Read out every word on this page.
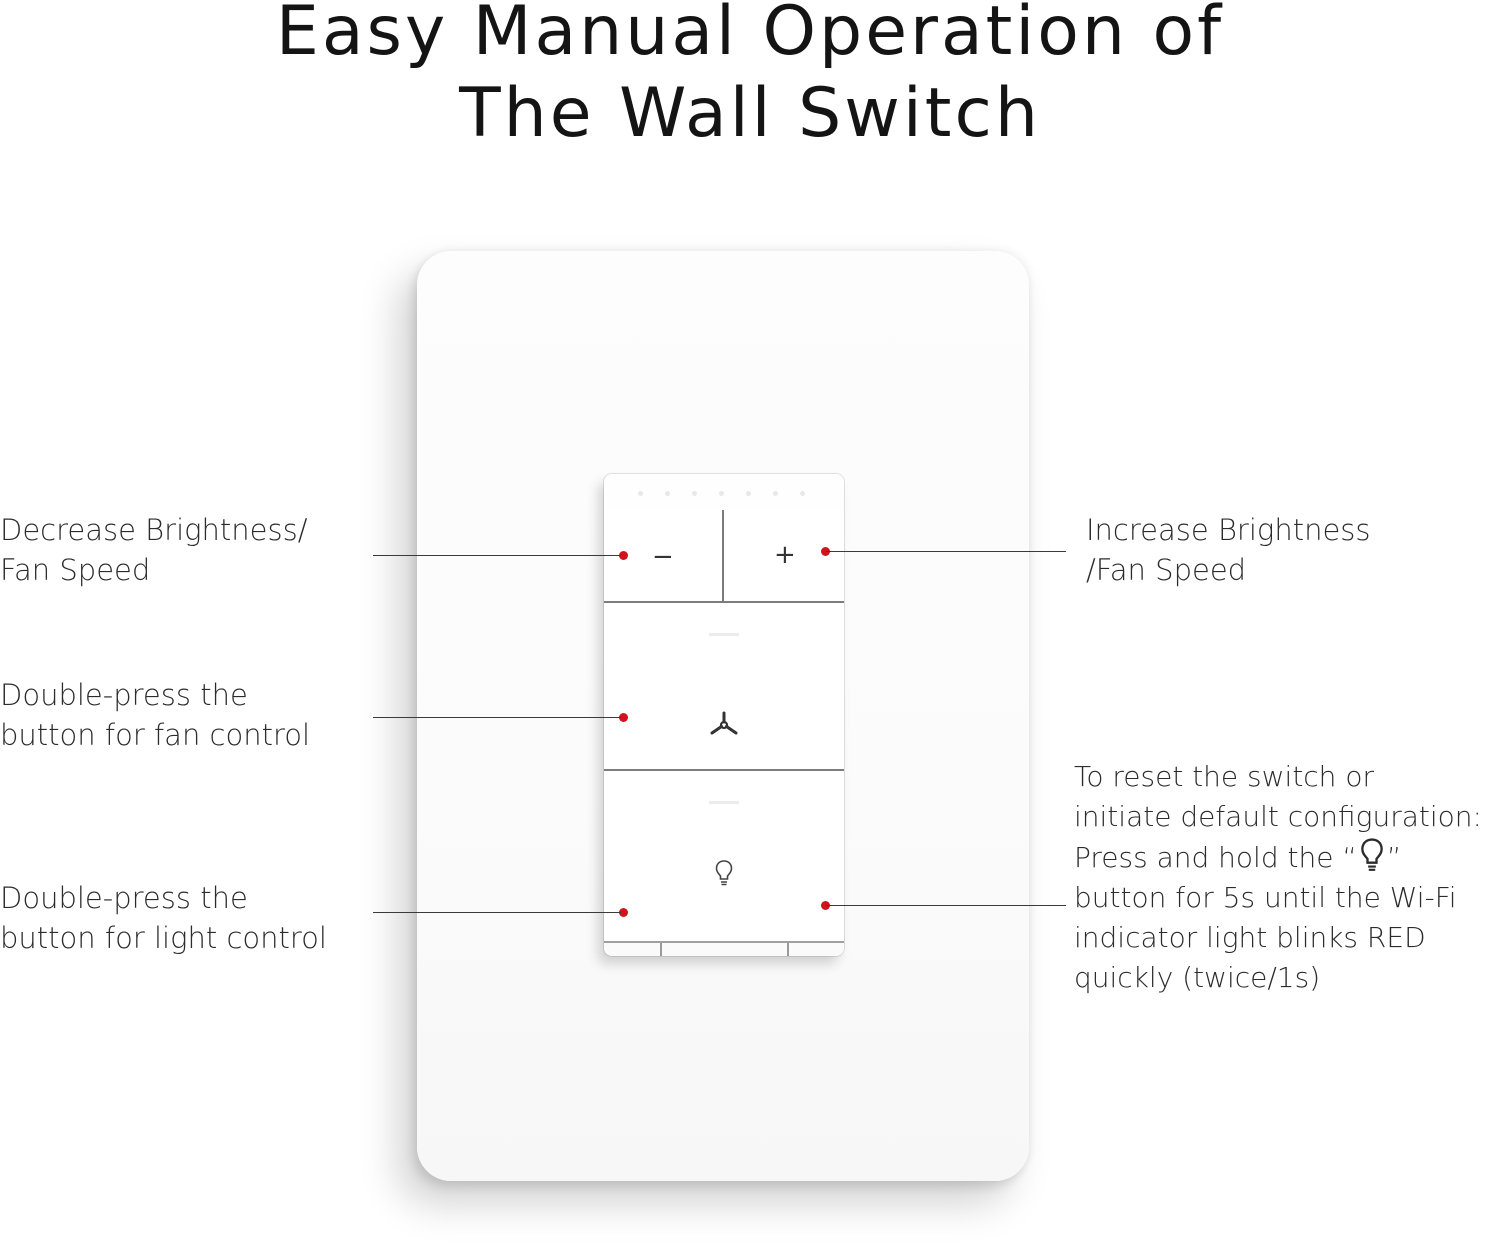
Easy Manual Operation of
The Wall Switch
−	+
Decrease Brightness/
Fan Speed
Double-press the
button for fan control
Double-press the
button for light control
Increase Brightness
/Fan Speed
To reset the switch or
initiate default configuration:
Press and hold the “ ”
button for 5s until the Wi-Fi
indicator light blinks RED
quickly (twice/1s)
